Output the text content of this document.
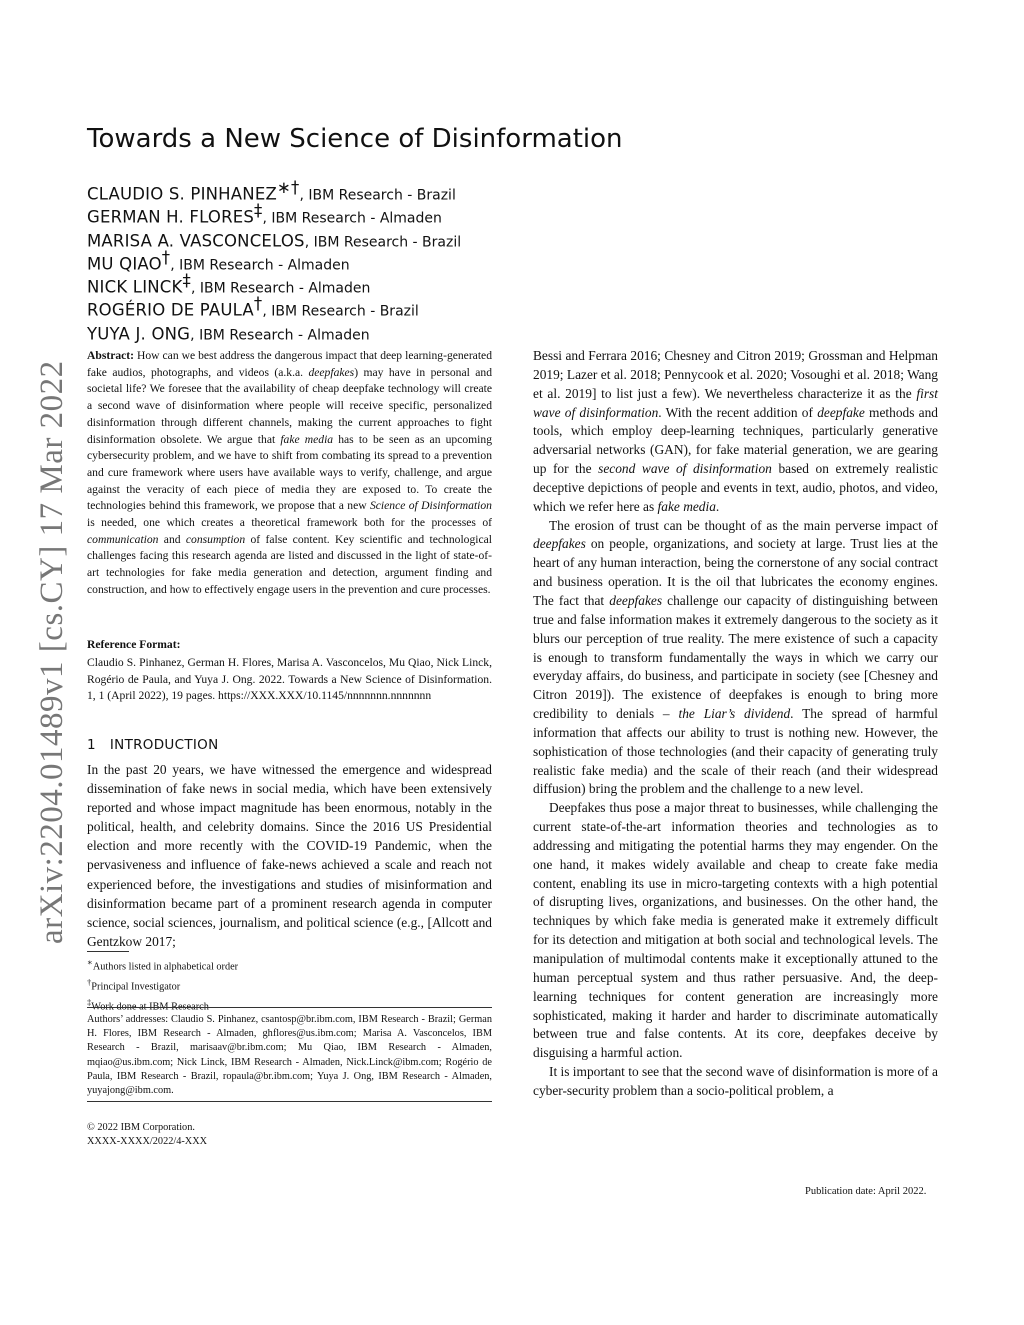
arXiv:2204.01489v1 [cs.CY] 17 Mar 2022
Towards a New Science of Disinformation
CLAUDIO S. PINHANEZ∗†, IBM Research - Brazil
GERMAN H. FLORES‡, IBM Research - Almaden
MARISA A. VASCONCELOS, IBM Research - Brazil
MU QIAO†, IBM Research - Almaden
NICK LINCK‡, IBM Research - Almaden
ROGÉRIO DE PAULA†, IBM Research - Brazil
YUYA J. ONG, IBM Research - Almaden

Abstract: How can we best address the dangerous impact that deep learning-generated fake audios, photographs, and videos (a.k.a. deepfakes) may have in personal and societal life? We foresee that the availability of cheap deepfake technology will create a second wave of disinformation where people will receive specific, personalized disinformation through different channels, making the current approaches to fight disinformation obsolete. We argue that fake media has to be seen as an upcoming cybersecurity problem, and we have to shift from combating its spread to a prevention and cure framework where users have available ways to verify, challenge, and argue against the veracity of each piece of media they are exposed to. To create the technologies behind this framework, we propose that a new Science of Disinformation is needed, one which creates a theoretical framework both for the processes of communication and consumption of false content. Key scientific and technological challenges facing this research agenda are listed and discussed in the light of state-of-art technologies for fake media generation and detection, argument finding and construction, and how to effectively engage users in the prevention and cure processes.

Reference Format:

Claudio S. Pinhanez, German H. Flores, Marisa A. Vasconcelos, Mu Qiao, Nick Linck, Rogério de Paula, and Yuya J. Ong. 2022. Towards a New Science of Disinformation. 1, 1 (April 2022), 19 pages. https://XXX.XXX/10.1145/nnnnnnn.nnnnnnn

1 INTRODUCTION

In the past 20 years, we have witnessed the emergence and widespread dissemination of fake news in social media, which have been extensively reported and whose impact magnitude has been enormous, notably in the political, health, and celebrity domains. Since the 2016 US Presidential election and more recently with the COVID-19 Pandemic, when the pervasiveness and influence of fake-news achieved a scale and reach not experienced before, the investigations and studies of misinformation and disinformation became part of a prominent research agenda in computer science, social sciences, journalism, and political science (e.g., [Allcott and Gentzkow 2017;

∗Authors listed in alphabetical order
†Principal Investigator
‡Work done at IBM Research

Authors’ addresses: Claudio S. Pinhanez, csantosp@br.ibm.com, IBM Research - Brazil; German H. Flores, IBM Research - Almaden, ghflores@us.ibm.com; Marisa A. Vasconcelos, IBM Research - Brazil, marisaav@br.ibm.com; Mu Qiao, IBM Research - Almaden, mqiao@us.ibm.com; Nick Linck, IBM Research - Almaden, Nick.Linck@ibm.com; Rogério de Paula, IBM Research - Brazil, ropaula@br.ibm.com; Yuya J. Ong, IBM Research - Almaden, yuyajong@ibm.com.

© 2022 IBM Corporation.
XXXX-XXXX/2022/4-XXX

Bessi and Ferrara 2016; Chesney and Citron 2019; Grossman and Helpman 2019; Lazer et al. 2018; Pennycook et al. 2020; Vosoughi et al. 2018; Wang et al. 2019] to list just a few). We nevertheless characterize it as the first wave of disinformation. With the recent addition of deepfake methods and tools, which employ deep-learning techniques, particularly generative adversarial networks (GAN), for fake material generation, we are gearing up for the second wave of disinformation based on extremely realistic deceptive depictions of people and events in text, audio, photos, and video, which we refer here as fake media.

The erosion of trust can be thought of as the main perverse impact of deepfakes on people, organizations, and society at large. Trust lies at the heart of any human interaction, being the cornerstone of any social contract and business operation. It is the oil that lubricates the economy engines. The fact that deepfakes challenge our capacity of distinguishing between true and false information makes it extremely dangerous to the society as it blurs our perception of true reality. The mere existence of such a capacity is enough to transform fundamentally the ways in which we carry our everyday affairs, do business, and participate in society (see [Chesney and Citron 2019]). The existence of deepfakes is enough to bring more credibility to denials – the Liar’s dividend. The spread of harmful information that affects our ability to trust is nothing new. However, the sophistication of those technologies (and their capacity of generating truly realistic fake media) and the scale of their reach (and their widespread diffusion) bring the problem and the challenge to a new level.

Deepfakes thus pose a major threat to businesses, while challenging the current state-of-the-art information theories and technologies as to addressing and mitigating the potential harms they may engender. On the one hand, it makes widely available and cheap to create fake media content, enabling its use in micro-targeting contexts with a high potential of disrupting lives, organizations, and businesses. On the other hand, the techniques by which fake media is generated make it extremely difficult for its detection and mitigation at both social and technological levels. The manipulation of multimodal contents make it exceptionally attuned to the human perceptual system and thus rather persuasive. And, the deep-learning techniques for content generation are increasingly more sophisticated, making it harder and harder to discriminate automatically between true and false contents. At its core, deepfakes deceive by disguising a harmful action.

It is important to see that the second wave of disinformation is more of a cyber-security problem than a socio-political problem, a

Publication date: April 2022.
